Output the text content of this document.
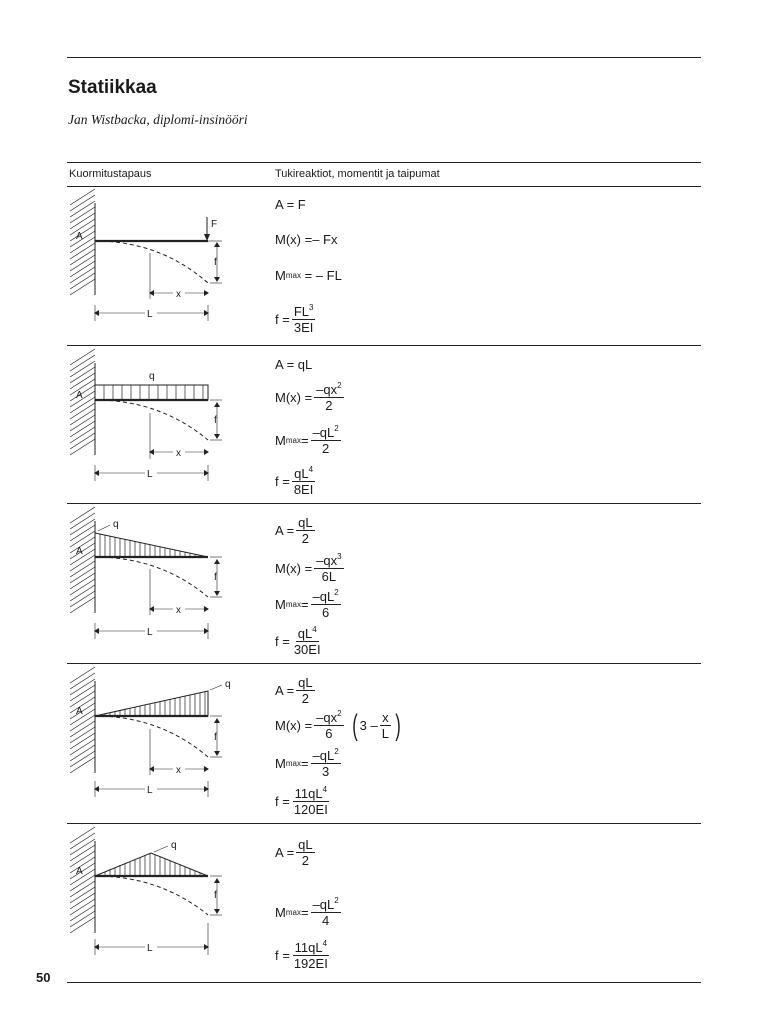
Statiikkaa
Jan Wistbacka, diplomi-insinööri
Kuormitustapaus	Tukireaktiot, momentit ja taipumat
50
F
A
f
x
L
q
A
f
x
L
q
A
f
x
L
q
A
f
x
L
q
A
f
L
A = F
M(x) = – Fx
M max
= – FL
$f = \frac{FL^3}{3EI}$
A = qL
$M(x) = \frac{-qx^2}{2}$
M $\max = \frac{-qL^2}{2}$
$f = \frac{qL^4}{8EI}$
$A = \frac{qL}{2}$
$M(x) = \frac{-qx^3}{6L}$
M $\max = \frac{-qL^2}{6}$
$f = \frac{qL^4}{30EI}$
$A = \frac{qL}{2}$
$M(x) = \frac{-qx^2}{6}$ ( $3 - \frac{x}{L}$ )
M $\max = \frac{-qL^2}{3}$
$f = \frac{11qL^4}{120EI}$
$A = \frac{qL}{2}$
M $\max = \frac{-qL^2}{4}$
$f = \frac{11qL^4}{192EI}$
